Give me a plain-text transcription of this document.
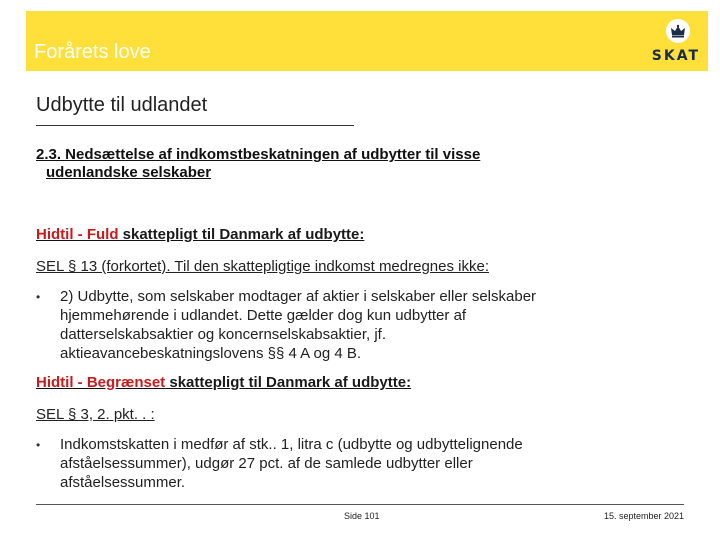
Forårets love	SKAT
Udbytte til udlandet
2.3. Nedsættelse af indkomstbeskatningen af udbytter til visse
udenlandske selskaber
Hidtil - Fuld skattepligt til Danmark af udbytte:
SEL § 13 (forkortet). Til den skattepligtige indkomst medregnes ikke:
• 2) Udbytte, som selskaber modtager af aktier i selskaber eller selskaber
hjemmehørende i udlandet. Dette gælder dog kun udbytter af
datterselskabsaktier og koncernselskabsaktier, jf.
aktieavancebeskatningslovens §§ 4 A og 4 B.
Hidtil - Begrænset skattepligt til Danmark af udbytte:
SEL § 3, 2. pkt. . :
• Indkomstskatten i medfør af stk.. 1, litra c (udbytte og udbyttelignende
afståelsessummer), udgør 27 pct. af de samlede udbytter eller
afståelsessummer.
Side 101	15. september 2021
